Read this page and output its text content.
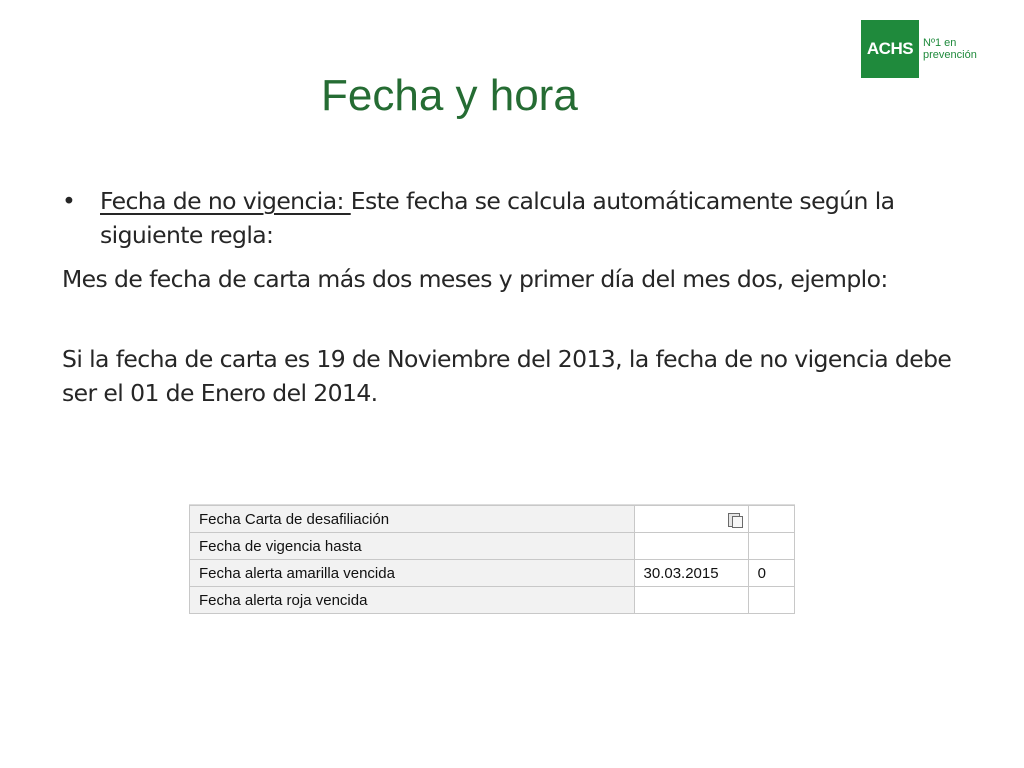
ACHS Nº1 en prevención
Fecha y hora

• Fecha de no vigencia: Este fecha se calcula automáticamente según la siguiente regla:

Mes de fecha de carta más dos meses y primer día del mes dos, ejemplo:

Si la fecha de carta es 19 de Noviembre del 2013, la fecha de no vigencia debe ser el 01 de Enero del 2014.

Fecha Carta de desafiliación	

Fecha de vigencia hasta		
Fecha alerta amarilla vencida	30.03.2015	0
Fecha alerta roja vencida		
